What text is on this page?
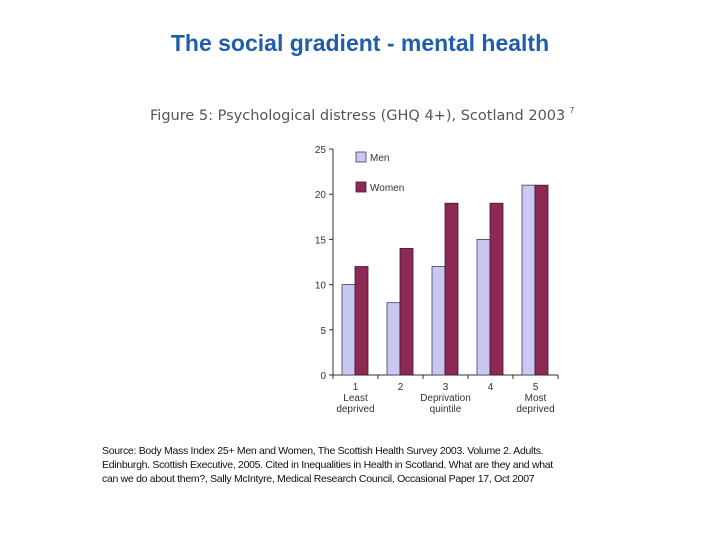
The social gradient - mental health
Figure 5: Psychological distress (GHQ 4+), Scotland 2003 $^7$
0
5
10
15
20
25
1
Least
deprived
2	3
Deprivation
quintile
4	5
Most
deprived
Men
Women
Source: Body Mass Index 25+ Men and Women, The Scottish Health Survey 2003. Volume 2. Adults.
Edinburgh. Scottish Executive, 2005. Cited in Inequalities in Health in Scotland. What are they and what
can we do about them?, Sally McIntyre, Medical Research Council, Occasional Paper 17, Oct 2007
